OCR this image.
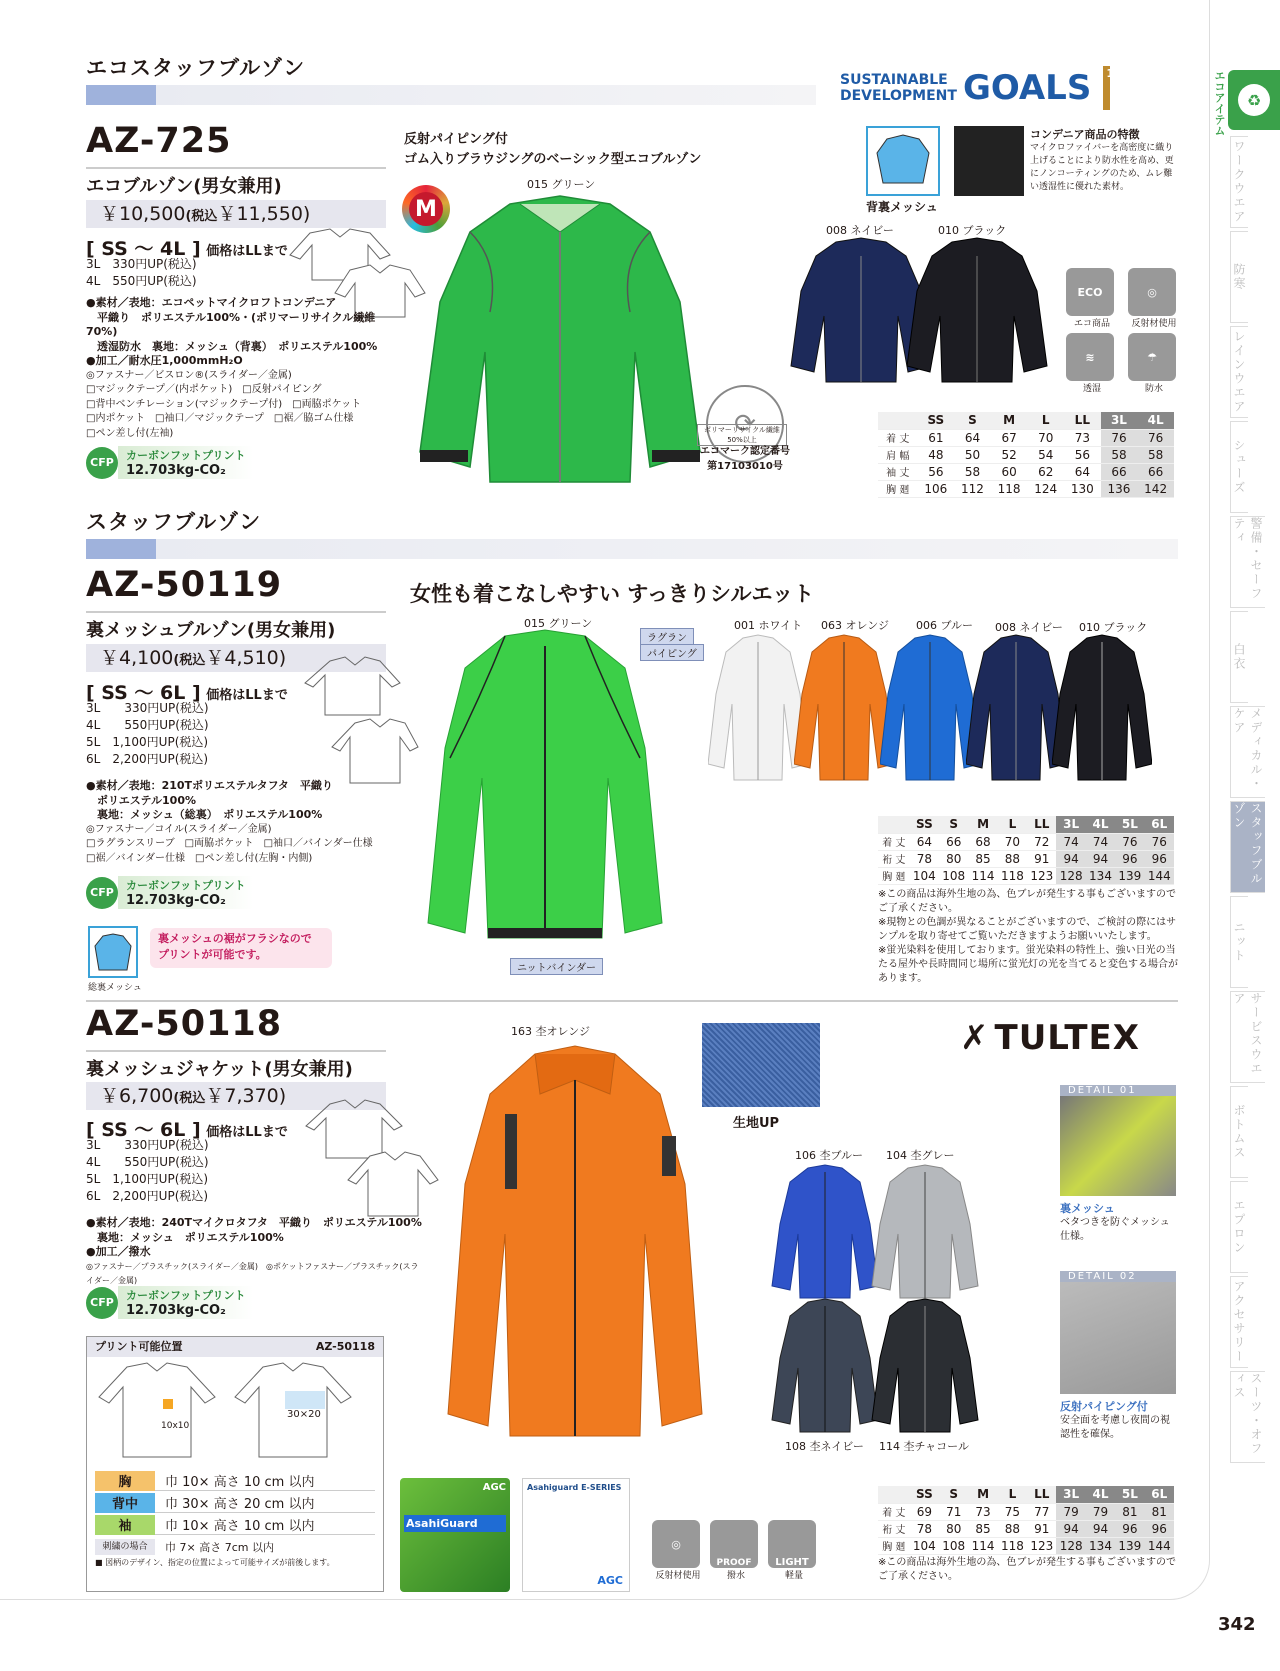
♻
エコアイテム
ワークウエア
防寒
レインウエア
シューズ
警備・セーフティ
白衣
メディカル・ケア
スタッフブルゾン
ニット
サービスウエア
ボトムス
エプロン
アクセサリー
スーツ・オフィス
342
エコスタッフブルゾン	SUSTAINABLE
DEVELOPMENT GOALS 12
∞
AZ-725
エコブルゾン(男女兼用)
￥10,500(税込￥11,550)
[ SS ～ 4L ] 価格はLLまで
3L　330円UP(税込)
4L　550円UP(税込)
●素材／表地：エコペットマイクロフトコンデニア
　平織り　ポリエステル100%・(ポリマーリサイクル繊維70%)
　透湿防水　裏地：メッシュ（背裏）　ポリエステル100%
●加工／耐水圧1,000mmH₂O
◎ファスナー／ビスロン®(スライダー／金属)
□マジックテープ／(内ポケット)　□反射パイピング
□背中ベンチレーション(マジックテープ付)　□両脇ポケット
□内ポケット　□袖口／マジックテープ　□裾／脇ゴム仕様
□ペン差し付(左袖)
CFP
カーボンフットプリント
12.703kg-CO₂
反射パイピング付
ゴム入りブラウジングのベーシック型エコブルゾン
M
015 グリーン
⟳
ポリマーリサイクル繊維50%以上
エコマーク認定番号
第17103010号
背裏メッシュ
コンデニア商品の特徴
マイクロファイバーを高密度に織り上げることにより防水性を高め、更にノンコーティングのため、ムレ難い透湿性に優れた素材。
008 ネイビー	010 ブラック
ECO
エコ商品
◎
反射材使用
≋
透湿
☂
防水
	SS	S	M	L	LL	3L	4L
着 丈	61	64	67	70	73	76	76
肩 幅	48	50	52	54	56	58	58
袖 丈	56	58	60	62	64	66	66
胸 廻	106	112	118	124	130	136	142
スタッフブルゾン
AZ-50119
裏メッシュブルゾン(男女兼用)
￥4,100(税込￥4,510)
[ SS ～ 6L ] 価格はLLまで
3L　　330円UP(税込)
4L　　550円UP(税込)
5L　1,100円UP(税込)
6L　2,200円UP(税込)
●素材／表地：210Tポリエステルタフタ　平織り
　ポリエステル100%
　裏地：メッシュ（総裏）　ポリエステル100%
◎ファスナー／コイル(スライダー／金属)
□ラグランスリーブ　□両脇ポケット　□袖口／バインダー仕様
□裾／バインダー仕様　□ペン差し付(左胸・内側)
CFP
カーボンフットプリント
12.703kg-CO₂
総裏メッシュ
裏メッシュの裾がフラシなので
プリントが可能です。
女性も着こなしやすい すっきりシルエット
015 グリーン
ラグラン
パイピング
ニットバインダー
001 ホワイト 063 オレンジ 006 ブルー 008 ネイビー 010 ブラック
	SS	S	M	L	LL	3L	4L	5L	6L
着 丈	64	66	68	70	72	74	74	76	76
裄 丈	78	80	85	88	91	94	94	96	96
胸 廻	104	108	114	118	123	128	134	139	144
※この商品は海外生地の為、色ブレが発生する事もございますのでご了承ください。
※現物との色調が異なることがございますので、ご検討の際にはサンプルを取り寄せてご覧いただきますようお願いいたします。
※蛍光染料を使用しております。蛍光染料の特性上、強い日光の当たる屋外や長時間同じ場所に蛍光灯の光を当てると変色する場合があります。
AZ-50118
裏メッシュジャケット(男女兼用)
￥6,700(税込￥7,370)
[ SS ～ 6L ] 価格はLLまで
3L　　330円UP(税込)
4L　　550円UP(税込)
5L　1,100円UP(税込)
6L　2,200円UP(税込)
●素材／表地：240Tマイクロタフタ　平織り　ポリエステル100%
　裏地：メッシュ　ポリエステル100%
●加工／撥水
◎ファスナー／プラスチック(スライダー／金属)　◎ポケットファスナー／プラスチック(スライダー／金属)
CFP
カーボンフットプリント
12.703kg-CO₂
プリント可能位置	AZ-50118
10x10
30×20
胸	巾 10× 高さ 10 cm 以内
背中	巾 30× 高さ 20 cm 以内
袖	巾 10× 高さ 10 cm 以内
刺繍の場合	巾 7× 高さ 7cm 以内
■ 図柄のデザイン、指定の位置によって可能サイズが前後します。
AGC
AsahiGuard
Asahiguard E-SERIES
AGC
◎
反射材使用
PROOF
撥水
LIGHT
軽量
163 杢オレンジ
生地UP
106 杢ブルー 104 杢グレー
108 杢ネイビー 114 杢チャコール
✗ TULTEX
DETAIL 01
裏メッシュ
ベタつきを防ぐメッシュ仕様。
DETAIL 02
反射パイピング付
安全面を考慮し夜間の視認性を確保。
	SS	S	M	L	LL	3L	4L	5L	6L
着 丈	69	71	73	75	77	79	79	81	81
裄 丈	78	80	85	88	91	94	94	96	96
胸 廻	104	108	114	118	123	128	134	139	144
※この商品は海外生地の為、色ブレが発生する事もございますのでご了承ください。
